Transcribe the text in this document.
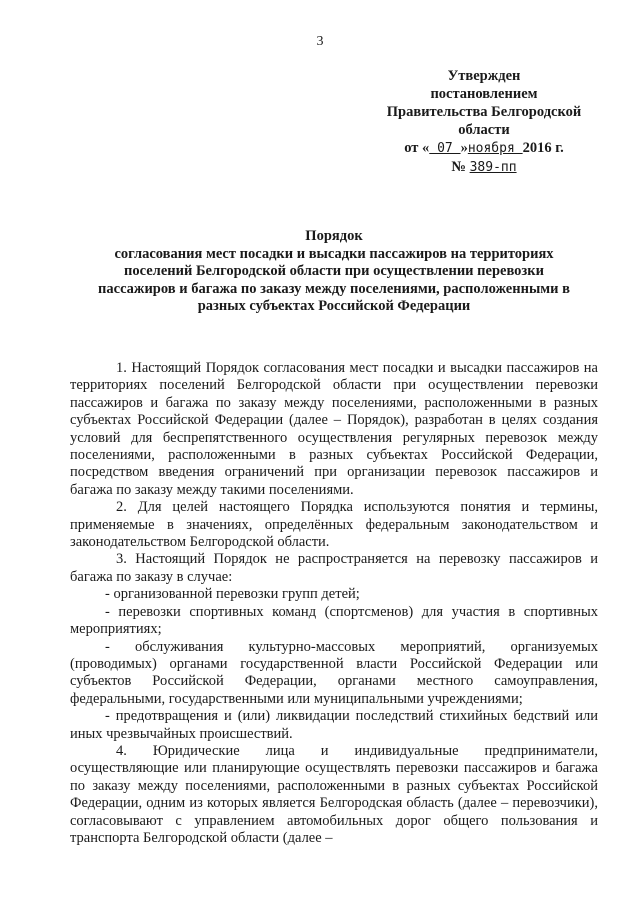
3
Утвержден
постановлением
Правительства Белгородской
области
от « 07 »ноября 2016 г.
№ 389-пп
Порядок
согласования мест посадки и высадки пассажиров на территориях
поселений Белгородской области при осуществлении перевозки
пассажиров и багажа по заказу между поселениями, расположенными в
разных субъектах Российской Федерации

1. Настоящий Порядок согласования мест посадки и высадки пассажиров на территориях поселений Белгородской области при осуществлении перевозки пассажиров и багажа по заказу между поселениями, расположенными в разных субъектах Российской Федерации (далее – Порядок), разработан в целях создания условий для беспрепятственного осуществления регулярных перевозок между поселениями, расположенными в разных субъектах Российской Федерации, посредством введения ограничений при организации перевозок пассажиров и багажа по заказу между такими поселениями.

2. Для целей настоящего Порядка используются понятия и термины, применяемые в значениях, определённых федеральным законодательством и законодательством Белгородской области.

3. Настоящий Порядок не распространяется на перевозку пассажиров и багажа по заказу в случае:

- организованной перевозки групп детей;

- перевозки спортивных команд (спортсменов) для участия в спортивных мероприятиях;

- обслуживания культурно-массовых мероприятий, организуемых (проводимых) органами государственной власти Российской Федерации или субъектов Российской Федерации, органами местного самоуправления, федеральными, государственными или муниципальными учреждениями;

- предотвращения и (или) ликвидации последствий стихийных бедствий или иных чрезвычайных происшествий.

4. Юридические лица и индивидуальные предприниматели, осуществляющие или планирующие осуществлять перевозки пассажиров и багажа по заказу между поселениями, расположенными в разных субъектах Российской Федерации, одним из которых является Белгородская область (далее – перевозчики), согласовывают с управлением автомобильных дорог общего пользования и транспорта Белгородской области (далее –
